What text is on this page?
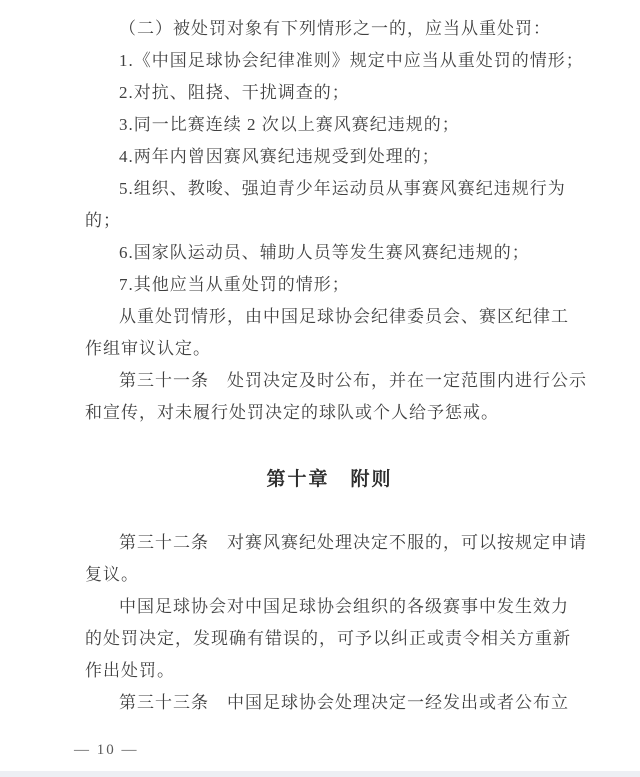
（二）被处罚对象有下列情形之一的，应当从重处罚：
1.《中国足球协会纪律准则》规定中应当从重处罚的情形；
2.对抗、阻挠、干扰调查的；
3.同一比赛连续 2 次以上赛风赛纪违规的；
4.两年内曾因赛风赛纪违规受到处理的；
5.组织、教唆、强迫青少年运动员从事赛风赛纪违规行为
的；
6.国家队运动员、辅助人员等发生赛风赛纪违规的；
7.其他应当从重处罚的情形；
从重处罚情形，由中国足球协会纪律委员会、赛区纪律工
作组审议认定。
第三十一条　处罚决定及时公布，并在一定范围内进行公示
和宣传，对未履行处罚决定的球队或个人给予惩戒。
第十章　附则
第三十二条　对赛风赛纪处理决定不服的，可以按规定申请
复议。
中国足球协会对中国足球协会组织的各级赛事中发生效力
的处罚决定，发现确有错误的，可予以纠正或责令相关方重新
作出处罚。
第三十三条　中国足球协会处理决定一经发出或者公布立
— 10 —
